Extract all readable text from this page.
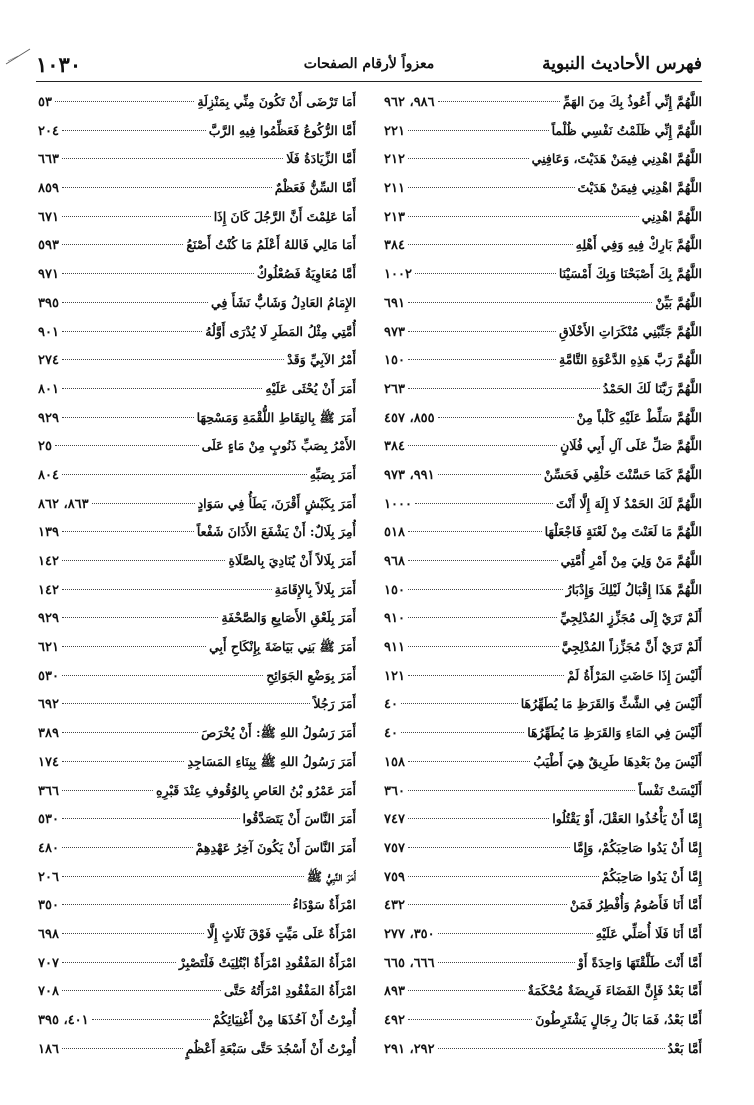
فهرس الأحاديث النبوية
معزواً لأرقام الصفحات
١٠٣٠
اللَّهُمَّ إِنِّي أَعُوذُ بِكَ مِنَ الهَمِّ
٩٨٦، ٩٦٢
اللَّهُمَّ إِنِّي ظَلَمْتُ نَفْسِي ظُلْماً
٢٢١
اللَّهُمَّ اهْدِنِي فِيمَنْ هَدَيْتَ، وَعَافِنِي
٢١٢
اللَّهُمَّ اهْدِنِي فِيمَنْ هَدَيْتَ
٢١١
اللَّهُمَّ اهْدِنِي
٢١٣
اللَّهُمَّ بَارِكْ فِيهِ وَفِي أَهْلِهِ
٣٨٤
اللَّهُمَّ بِكَ أَصْبَحْنَا وَبِكَ أَمْسَيْنَا
١٠٠٢
اللَّهُمَّ بَيِّنْ
٦٩١
اللَّهُمَّ جَنِّبْنِي مُنْكَرَاتِ الأَخْلَاقِ
٩٧٣
اللَّهُمَّ رَبَّ هَذِهِ الدَّعْوَةِ التَّامَّةِ
١٥٠
اللَّهُمَّ رَبَّنَا لَكَ الحَمْدُ
٢٦٣
اللَّهُمَّ سَلِّطْ عَلَيْهِ كَلْباً مِنْ
٨٥٥، ٤٥٧
اللَّهُمَّ صَلِّ عَلَى آلِ أَبِي فُلَانٍ
٣٨٤
اللَّهُمَّ كَمَا حَسَّنْتَ خَلْقِي فَحَسِّنْ
٩٩١، ٩٧٣
اللَّهُمَّ لَكَ الحَمْدُ لَا إِلَهَ إِلَّا أَنْتَ
١٠٠٠
اللَّهُمَّ مَا لَعَنْتَ مِنْ لَعْنَةٍ فَاجْعَلْهَا
٥١٨
اللَّهُمَّ مَنْ وَلِيَ مِنْ أَمْرِ أُمَّتِي
٩٦٨
اللَّهُمَّ هَذَا إِقْبَالُ لَيْلِكَ وَإِدْبَارُ
١٥٠
أَلَمْ تَرَيْ إِلَى مُجَزِّزٍ المُدْلِجِيِّ
٩١٠
أَلَمْ تَرَيْ أَنَّ مُجَزِّزاً المُدْلِجِيَّ
٩١١
أَلَيْسَ إِذَا حَاضَتِ المَرْأَةُ لَمْ
١٢١
أَلَيْسَ فِي الشَّثِّ وَالقَرَظِ مَا يُطَهِّرُهَا
٤٠
أَلَيْسَ فِي المَاءِ وَالقَرَظِ مَا يُطَهِّرُهَا
٤٠
أَلَيْسَ مِنْ بَعْدِهَا طَرِيقٌ هِيَ أَطْيَبُ
١٥٨
أَلَيْسَتْ نَفْساً
٣٦٠
إِمَّا أَنْ يَأْخُذُوا العَقْلَ، أَوْ يَقْتُلُوا
٧٤٧
إِمَّا أَنْ يَدُوا صَاحِبَكُمْ، وَإِمَّا
٧٥٧
إِمَّا أَنْ يَدُوا صَاحِبَكُمْ
٧٥٩
أَمَّا أَنَا فَأَصُومُ وَأُفْطِرُ فَمَنْ
٤٣٢
أَمَّا أَنَا فَلَا أُصَلِّي عَلَيْهِ
٣٥٠، ٢٧٧
أَمَّا أَنْتَ طَلَّقْتَهَا وَاحِدَةً أَوْ
٦٦٦، ٦٦٥
أَمَّا بَعْدُ فَإِنَّ الفَضَاءَ فَرِيضَةٌ مُحْكَمَةٌ
٨٩٣
أَمَّا بَعْدُ، فَمَا بَالُ رِجَالٍ يَشْتَرِطُونَ
٤٩٢
أَمَّا بَعْدُ
٢٩٢، ٢٩١
أَمَا تَرْضَى أَنْ تَكُونَ مِنِّي بِمَنْزِلَةِ
٥٣
أَمَّا الرُّكُوعُ فَعَظِّمُوا فِيهِ الرَّبَّ
٢٠٤
أَمَّا الزِّيَادَةُ فَلَا
٦٦٣
أَمَّا السِّنُّ فَعَظْمٌ
٨٥٩
أَمَا عَلِمْتَ أَنَّ الرَّجُلَ كَانَ إِذَا
٦٧١
أَمَا مَالِي فَاللهُ أَعْلَمُ مَا كُنْتُ أَصْنَعُ
٥٩٣
أَمَّا مُعَاوِيَةُ فَصُعْلُوكٌ
٩٧١
الإِمَامُ العَادِلُ وَشَابٌّ نَشَأَ فِي
٣٩٥
أُمَّتِي مِثْلُ المَطَرِ لَا يُدْرَى أَوَّلُهُ
٩٠١
أَمْرُ الآبِيِّ وَقَدْ
٢٧٤
أَمَرَ أَنْ يُحْثَى عَلَيْهِ
٨٠١
أَمَرَ ﷺ بِالتِقَاطِ اللُّقْمَةِ وَمَسْحِهَا
٩٢٩
الأَمْرُ بِصَبِّ ذَنُوبٍ مِنْ مَاءٍ عَلَى
٢٥
أَمَرَ بِصَبِّهِ
٨٠٤
أَمَرَ بِكَبْشٍ أَقْرَنَ، يَطَأُ فِي سَوَادٍ
٨٦٣، ٨٦٢
أُمِرَ بِلَالٌ: أَنْ يَشْفَعَ الأَذَانَ شَفْعاً
١٣٩
أَمَرَ بِلَالاً أَنْ يُنَادِيَ بِالصَّلَاةِ
١٤٢
أَمَرَ بِلَالاً بِالإِقَامَةِ
١٤٢
أَمَرَ بِلَعْقِ الأَصَابِعِ وَالصَّحْفَةِ
٩٢٩
أَمَرَ ﷺ بَنِي بَيَاضَةَ بِإِنْكَاحِ أَبِي
٦٢١
أَمَرَ بِوَضْعِ الجَوَائِحِ
٥٣٠
أَمَرَ رَجُلاً
٦٩٢
أَمَرَ رَسُولُ اللهِ ﷺ: أَنْ يُخْرَصَ
٣٨٩
أَمَرَ رَسُولُ اللهِ ﷺ بِبِنَاءِ المَسَاجِدِ
١٧٤
أَمَرَ عَمْرُو بْنُ العَاصِ بِالوُقُوفِ عِنْدَ قَبْرِهِ
٣٦٦
أَمَرَ النَّاسَ أَنْ يَتَصَدَّقُوا
٥٣٠
أَمَرَ النَّاسَ أَنْ يَكُونَ آخِرُ عَهْدِهِمْ
٤٨٠
أَمَرَ النَّبِيُّ ﷺ
٢٠٦
امْرَأَةٌ سَوْدَاءُ
٣٥٠
امْرَأَةٌ عَلَى مَيِّتٍ فَوْقَ ثَلَاثٍ إِلَّا
٦٩٨
امْرَأَةُ المَفْقُودِ امْرَأَةٌ ابْتُلِيَتْ فَلْتَصْبِرْ
٧٠٧
امْرَأَةُ المَفْقُودِ امْرَأَتُهُ حَتَّى
٧٠٨
أُمِرْتُ أَنْ آخُذَهَا مِنْ أَغْنِيَائِكُمْ
٤٠١، ٣٩٥
أُمِرْتُ أَنْ أَسْجُدَ حَتَّى سَبْعَةِ أَعْظُمٍ
١٨٦
